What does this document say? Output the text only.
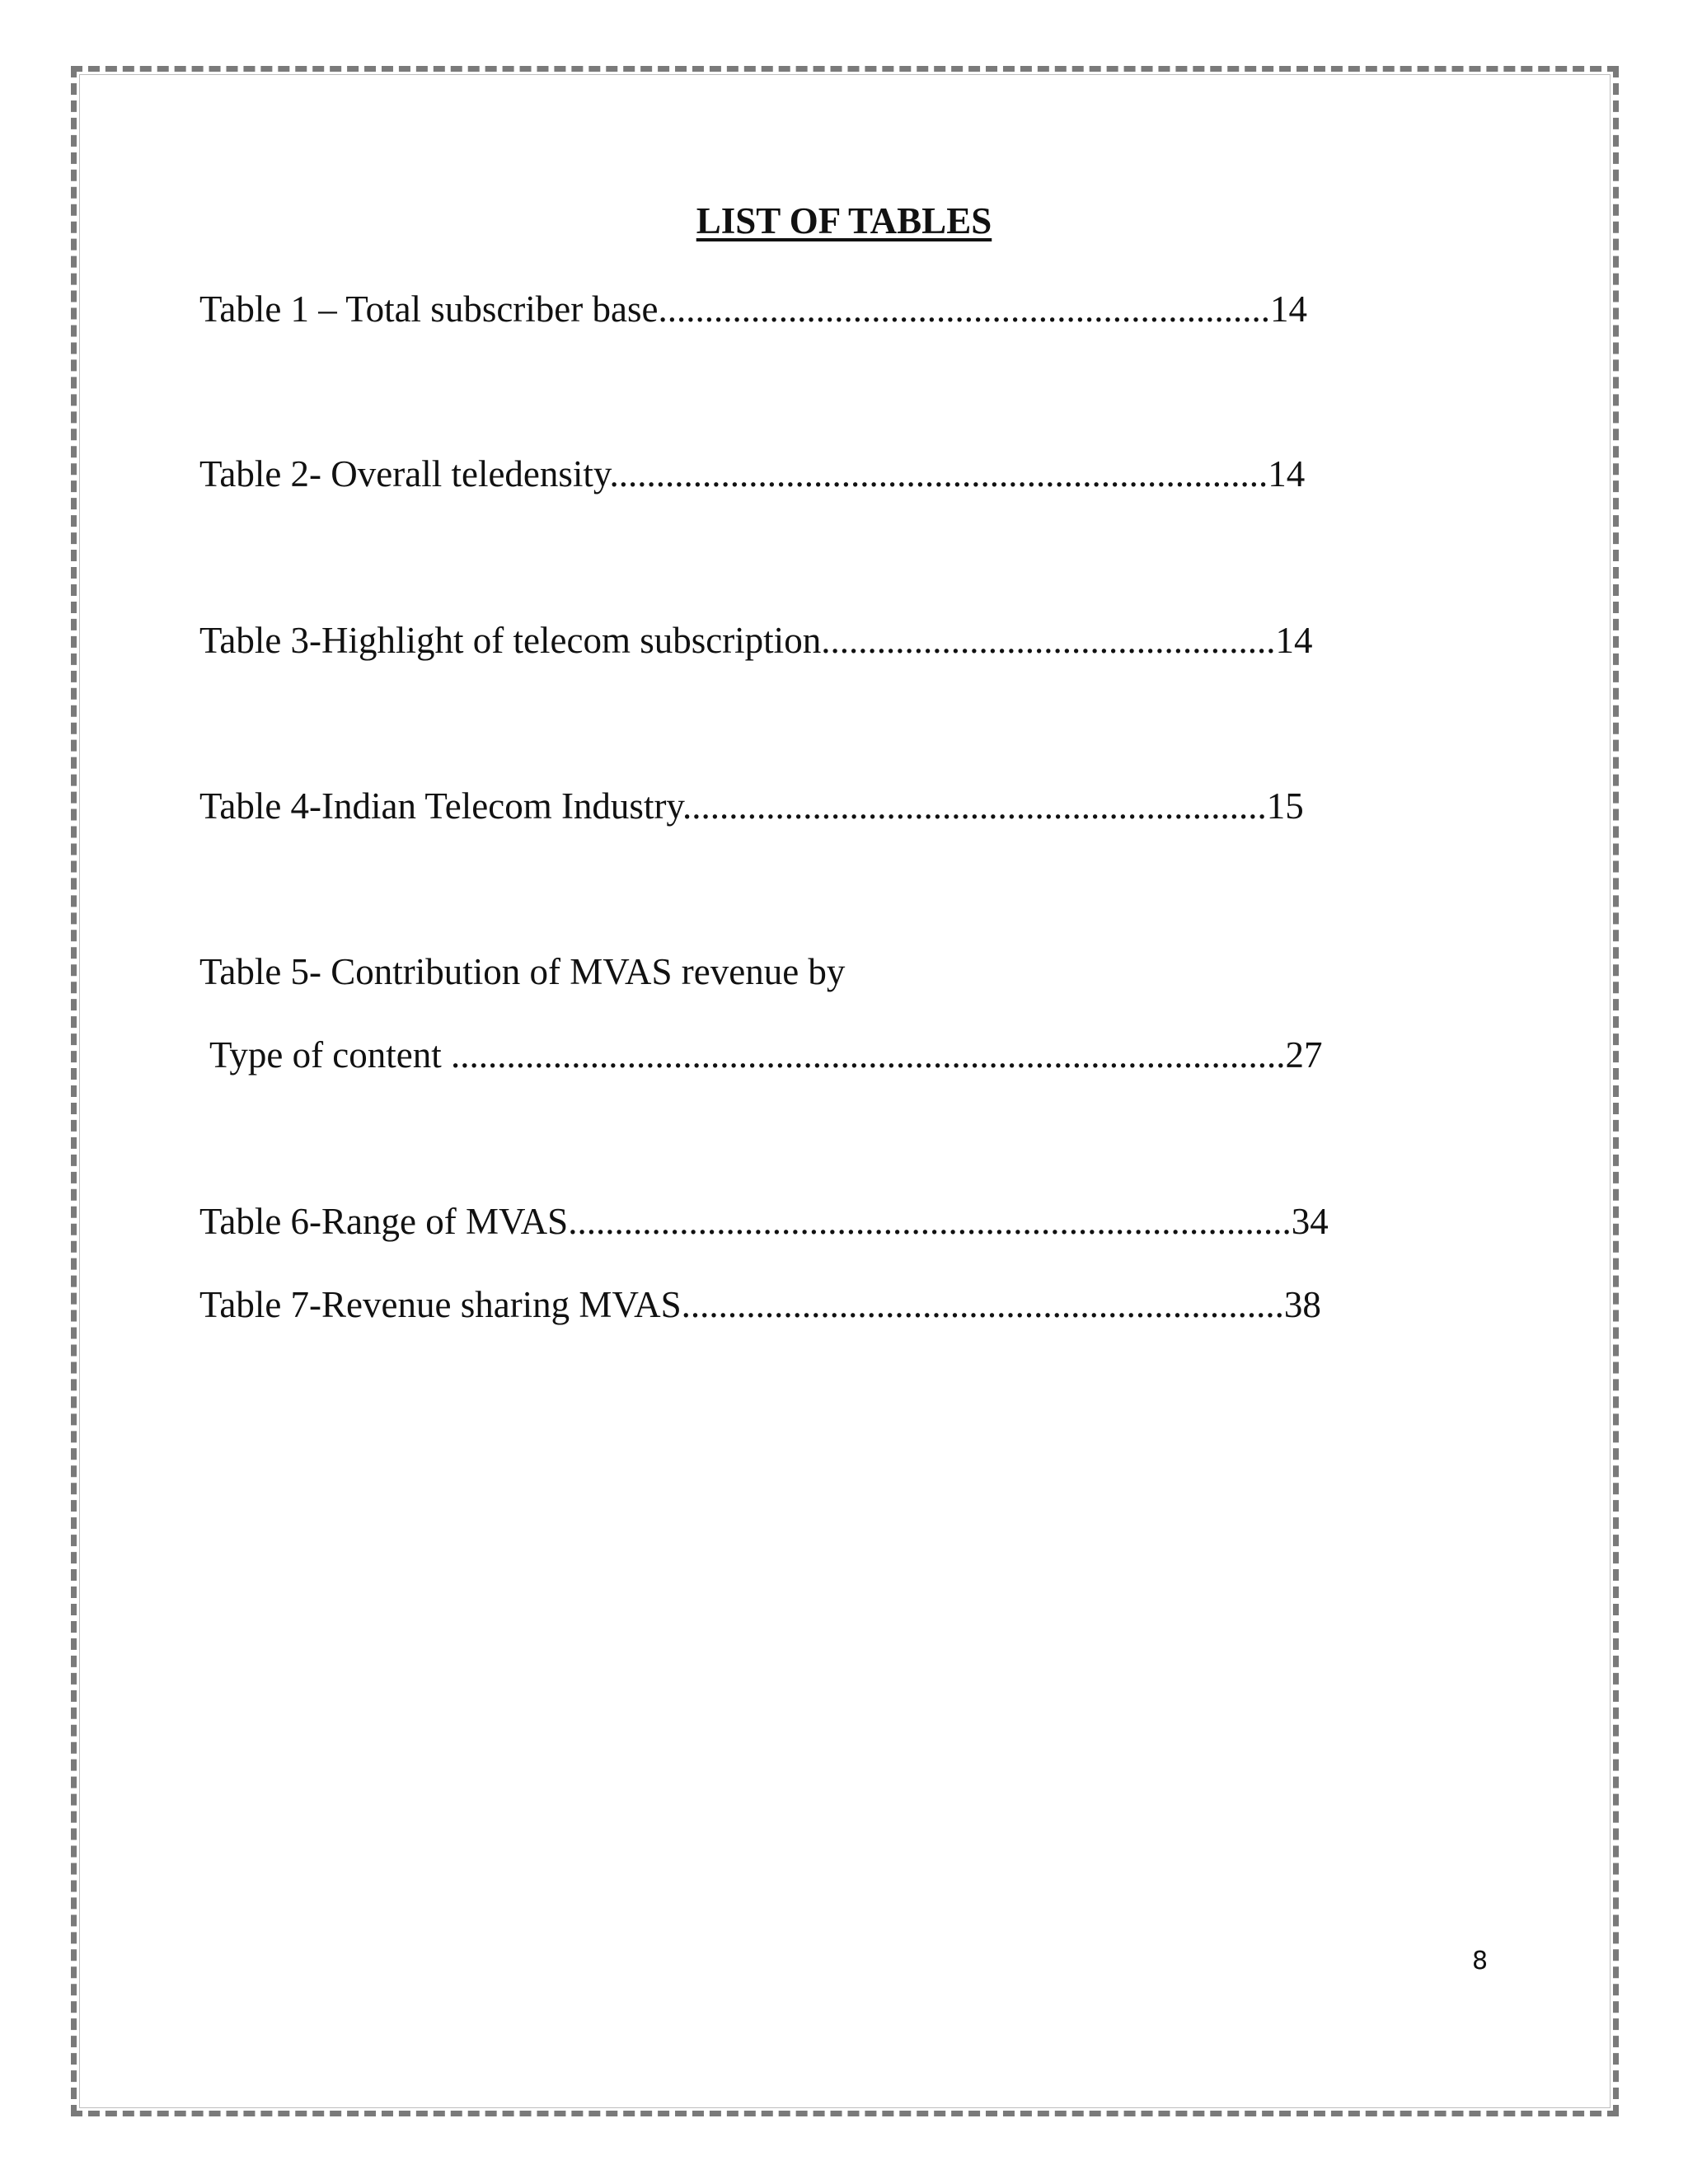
LIST OF TABLES
Table 1 – Total subscriber base..................................................................14
Table 2- Overall teledensity.......................................................................14
Table 3-Highlight of telecom subscription.................................................14
Table 4-Indian Telecom Industry...............................................................15
Table 5- Contribution of MVAS revenue by
Type of content ..........................................................................................27
Table 6-Range of MVAS..............................................................................34
Table 7-Revenue sharing MVAS.................................................................38
8
